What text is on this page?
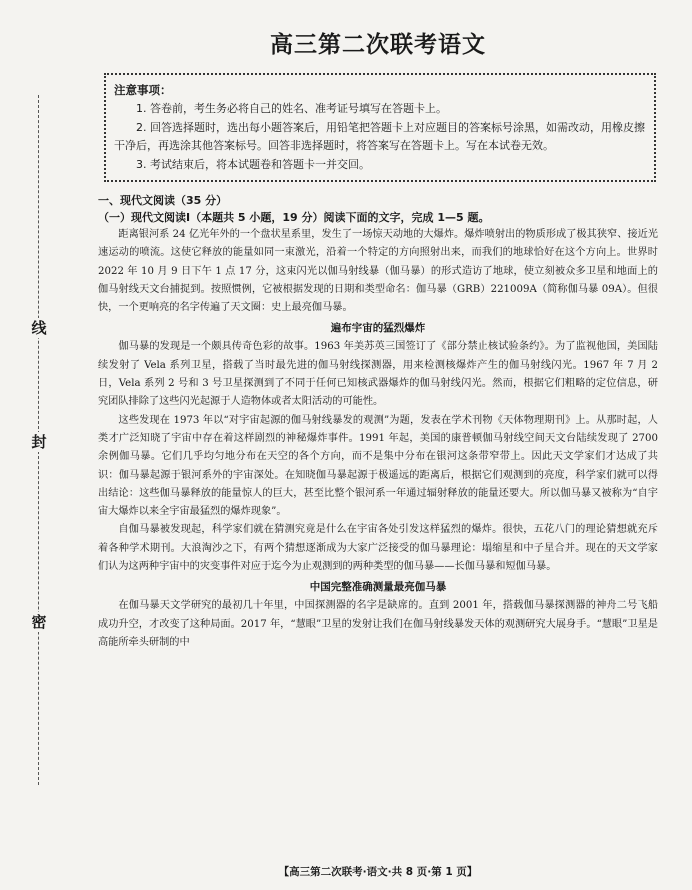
线
封
密
高三第二次联考语文
注意事项：
1. 答卷前，考生务必将自己的姓名、准考证号填写在答题卡上。
2. 回答选择题时，选出每小题答案后，用铅笔把答题卡上对应题目的答案标号涂黑，如需改动，用橡皮擦干净后，再选涂其他答案标号。回答非选择题时，将答案写在答题卡上。写在本试卷无效。
3. 考试结束后，将本试题卷和答题卡一并交回。

一、现代文阅读（35 分）

（一）现代文阅读Ⅰ（本题共 5 小题，19 分）阅读下面的文字，完成 1—5 题。

距离银河系 24 亿光年外的一个盘状星系里，发生了一场惊天动地的大爆炸。爆炸喷射出的物质形成了极其狭窄、接近光速运动的喷流。这使它释放的能量如同一束激光，沿着一个特定的方向照射出来，而我们的地球恰好在这个方向上。世界时 2022 年 10 月 9 日下午 1 点 17 分，这束闪光以伽马射线暴（伽马暴）的形式造访了地球，使立刻被众多卫星和地面上的伽马射线天文台捕捉到。按照惯例，它被根据发现的日期和类型命名：伽马暴（GRB）221009A（简称伽马暴 09A）。但很快，一个更响亮的名字传遍了天文圈：史上最亮伽马暴。

遍布宇宙的猛烈爆炸

伽马暴的发现是一个颇具传奇色彩的故事。1963 年美苏英三国签订了《部分禁止核试验条约》。为了监视他国，美国陆续发射了 Vela 系列卫星，搭载了当时最先进的伽马射线探测器，用来检测核爆炸产生的伽马射线闪光。1967 年 7 月 2 日，Vela 系列 2 号和 3 号卫星探测到了不同于任何已知核武器爆炸的伽马射线闪光。然而，根据它们粗略的定位信息，研究团队排除了这些闪光起源于人造物体或者太阳活动的可能性。

这些发现在 1973 年以“对宇宙起源的伽马射线暴发的观测”为题，发表在学术刊物《天体物理期刊》上。从那时起，人类才广泛知晓了宇宙中存在着这样剧烈的神秘爆炸事件。1991 年起，美国的康普顿伽马射线空间天文台陆续发现了 2700 余例伽马暴。它们几乎均匀地分布在天空的各个方向，而不是集中分布在银河这条带窄带上。因此天文学家们才达成了共识：伽马暴起源于银河系外的宇宙深处。在知晓伽马暴起源于极遥远的距离后，根据它们观测到的亮度，科学家们就可以得出结论：这些伽马暴释放的能量惊人的巨大，甚至比整个银河系一年通过辐射释放的能量还要大。所以伽马暴又被称为“自宇宙大爆炸以来全宇宙最猛烈的爆炸现象”。

自伽马暴被发现起，科学家们就在猜测究竟是什么在宇宙各处引发这样猛烈的爆炸。很快，五花八门的理论猜想就充斥着各种学术期刊。大浪淘沙之下，有两个猜想逐渐成为大家广泛接受的伽马暴理论：塌缩星和中子星合并。现在的天文学家们认为这两种宇宙中的灾变事件对应于迄今为止观测到的两种类型的伽马暴——长伽马暴和短伽马暴。

中国完整准确测量最亮伽马暴

在伽马暴天文学研究的最初几十年里，中国探测器的名字是缺席的。直到 2001 年，搭载伽马暴探测器的神舟二号飞船成功升空，才改变了这种局面。2017 年，“慧眼”卫星的发射让我们在伽马射线暴发天体的观测研究大展身手。“慧眼”卫星是高能所牵头研制的中

【高三第二次联考·语文·共 8 页·第 1 页】
